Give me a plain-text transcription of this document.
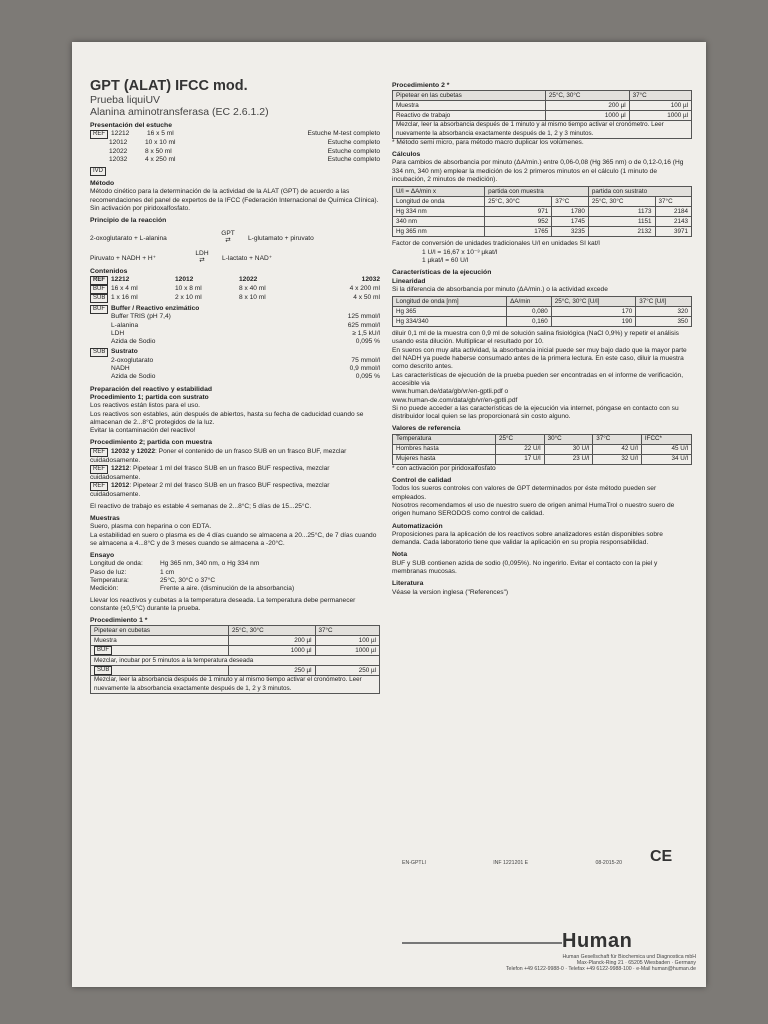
GPT (ALAT) IFCC mod.
Prueba liquiUV
Alanina aminotransferasa (EC 2.6.1.2)
Presentación del estuche
REF 12212	16 x 5 ml	Estuche M-test completo
12012	10 x 10 ml	Estuche completo
12022	8 x 50 ml	Estuche completo
12032	4 x 250 ml	Estuche completo
IVD
Método
Método cinético para la determinación de la actividad de la ALAT (GPT) de acuerdo a las recomendaciones del panel de expertos de la IFCC (Federación Internacional de Química Clínica). Sin activación por piridoxalfosfato.
Principio de la reacción
2-oxoglutarato + L-alanina
GPT
⇄	L-glutamato + piruvato
Piruvato + NADH + H⁺
LDH
⇄	L-lactato + NAD⁺
Contenidos
REF 12212	12012	12022	12032
BUF 16 x 4 ml	10 x 8 ml	8 x 40 ml	4 x 200 ml
SUB 1 x 16 ml	2 x 10 ml	8 x 10 ml	4 x 50 ml
BUF Buffer / Reactivo enzimático
Buffer TRIS (pH 7,4)	125 mmol/l
L-alanina	625 mmol/l
LDH	≥ 1,5 kU/l
Azida de Sodio	0,095 %
SUB Sustrato
2-oxoglutarato	75 mmol/l
NADH	0,9 mmol/l
Azida de Sodio	0,095 %
Preparación del reactivo y estabilidad
Procedimiento 1; partida con sustrato
Los reactivos están listos para el uso.
Los reactivos son estables, aún después de abiertos, hasta su fecha de caducidad cuando se almacenan de 2...8°C protegidos de la luz.
Evitar la contaminación del reactivo!
Procedimiento 2; partida con muestra
REF 12032 y 12022: Poner el contenido de un frasco SUB en un frasco BUF, mezclar cuidadosamente.
REF 12212: Pipetear 1 ml del frasco SUB en un frasco BUF respectiva, mezclar cuidadosamente.
REF 12012: Pipetear 2 ml del frasco SUB en un frasco BUF respectiva, mezclar cuidadosamente.
El reactivo de trabajo es estable 4 semanas de 2...8°C; 5 días de 15...25°C.
Muestras
Suero, plasma con heparina o con EDTA.
La estabilidad en suero o plasma es de 4 días cuando se almacena a 20...25°C, de 7 días cuando se almacena a 4...8°C y de 3 meses cuando se almacena a -20°C.
Ensayo
Longitud de onda:	Hg 365 nm, 340 nm, o Hg 334 nm
Paso de luz:	1 cm
Temperatura:	25°C, 30°C o 37°C
Medición:	Frente a aire. (disminución de la absorbancia)
Llevar los reactivos y cubetas a la temperatura deseada. La temperatura debe permanecer constante (±0,5°C) durante la prueba.
Procedimiento 1 *
Pipetear en cubetas	25°C, 30°C	37°C
Muestra	200 µl	100 µl
BUF	1000 µl	1000 µl
Mezclar, incubar por 5 minutos a la temperatura deseada		
SUB	250 µl	250 µl
Mezclar, leer la absorbancia después de 1 minuto y al mismo tiempo activar el cronómetro. Leer nuevamente la absorbancia exactamente después de 1, 2 y 3 minutos.		
Procedimiento 2 *
Pipetear en las cubetas	25°C, 30°C	37°C
Muestra	200 µl	100 µl
Reactivo de trabajo	1000 µl	1000 µl
Mezclar, leer la absorbancia después de 1 minuto y al mismo tiempo activar el cronómetro. Leer nuevamente la absorbancia exactamente después de 1, 2 y 3 minutos.		
* Método semi micro, para método macro duplicar los volúmenes.
Cálculos
Para cambios de absorbancia por minuto (ΔA/min.) entre 0,06-0,08 (Hg 365 nm) o de 0,12-0,16 (Hg 334 nm, 340 nm) emplear la medición de los 2 primeros minutos en el cálculo (1 minuto de incubación, 2 minutos de medición).
U/l = ΔA/min x	partida con muestra		partida con sustrato	
Longitud de onda	25°C, 30°C	37°C	25°C, 30°C	37°C
Hg 334 nm	971	1780	1173	2184
340 nm	952	1745	1151	2143
Hg 365 nm	1765	3235	2132	3971
Factor de conversión de unidades tradicionales U/l en unidades SI kat/l
1 U/l = 16,67 x 10⁻³ µkat/l
1 µkat/l = 60 U/l
Características de la ejecución
Linearidad
Si la diferencia de absorbancia por minuto (ΔA/min.) o la actividad excede
Longitud de onda [nm]	ΔA/min	25°C, 30°C [U/l]	37°C [U/l]
Hg 365	0,080	170	320
Hg 334/340	0,160	190	350
diluir 0,1 ml de la muestra con 0,9 ml de solución salina fisiológica (NaCl 0,9%) y repetir el análisis usando esta dilución. Multiplicar el resultado por 10.
En sueros con muy alta actividad, la absorbancia inicial puede ser muy bajo dado que la mayor parte del NADH ya puede haberse consumado antes de la primera lectura. En este caso, diluir la muestra como descrito antes.
Las características de ejecución de la prueba pueden ser encontradas en el informe de verificación, accesible via
www.human.de/data/gb/vr/en-gptli.pdf o
www.human-de.com/data/gb/vr/en-gptli.pdf
Si no puede acceder a las características de la ejecución via internet, póngase en contacto con su distribuidor local quien se las proporcionará sin costo alguno.
Valores de referencia
Temperatura	25°C	30°C	37°C	IFCC*
Hombres hasta	22 U/l	30 U/l	42 U/l	45 U/l
Mujeres hasta	17 U/l	23 U/l	32 U/l	34 U/l
* con activación por piridoxalfosfato
Control de calidad
Todos los sueros controles con valores de GPT determinados por éste método pueden ser empleados.
Nosotros recomendamos el uso de nuestro suero de origen animal HumaTrol o nuestro suero de origen humano SERODOS como control de calidad.
Automatización
Proposiciones para la aplicación de los reactivos sobre analizadores están disponibles sobre demanda. Cada laboratorio tiene que validar la aplicación en su propia responsabilidad.
Nota
BUF y SUB contienen azida de sodio (0,095%). No ingerirlo. Evitar el contacto con la piel y membranas mucosas.
Literatura
Véase la version inglesa ("References")
EN-GPTLI	INF 1221201 E	08-2015-20 CE
Human
Human Gesellschaft für Biochemica und Diagnostica mbH
Max-Planck-Ring 21 · 65205 Wiesbaden · Germany
Telefon +49 6122-9988-0 · Telefax +49 6122-9988-100 · e-Mail human@human.de
